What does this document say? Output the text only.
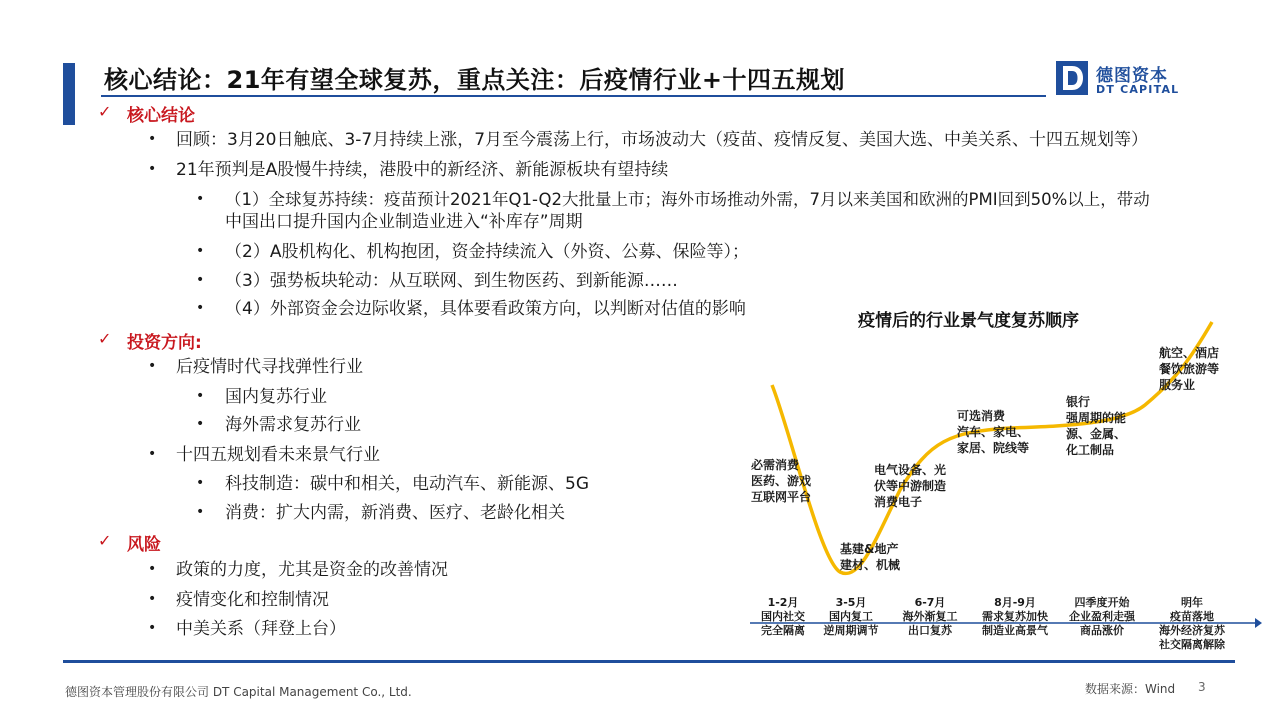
核心结论：21年有望全球复苏，重点关注：后疫情行业+十四五规划	德图资本
DT CAPITAL
✓ 核心结论
• 回顾：3月20日触底、3-7月持续上涨，7月至今震荡上行，市场波动大（疫苗、疫情反复、美国大选、中美关系、十四五规划等）
• 21年预判是A股慢牛持续，港股中的新经济、新能源板块有望持续
• （1）全球复苏持续：疫苗预计2021年Q1-Q2大批量上市；海外市场推动外需，7月以来美国和欧洲的PMI回到50%以上，带动
中国出口提升国内企业制造业进入“补库存”周期
• （2）A股机构化、机构抱团，资金持续流入（外资、公募、保险等）；
• （3）强势板块轮动：从互联网、到生物医药、到新能源……
• （4）外部资金会边际收紧，具体要看政策方向，以判断对估值的影响
✓ 投资方向:
• 后疫情时代寻找弹性行业
• 国内复苏行业
• 海外需求复苏行业
• 十四五规划看未来景气行业
• 科技制造：碳中和相关，电动汽车、新能源、5G
• 消费：扩大内需，新消费、医疗、老龄化相关
✓ 风险
• 政策的力度，尤其是资金的改善情况
• 疫情变化和控制情况
• 中美关系（拜登上台）
疫情后的行业景气度复苏顺序
必需消费
医药、游戏
互联网平台
基建&地产
建材、机械
电气设备、光
伏等中游制造
消费电子
可选消费
汽车、家电、
家居、院线等
银行
强周期的能
源、金属、
化工制品
航空、酒店
餐饮旅游等
服务业
1-2月
国内社交
完全隔离
3-5月
国内复工
逆周期调节
6-7月
海外渐复工
出口复苏
8月-9月
需求复苏加快
制造业高景气
四季度开始
企业盈利走强
商品涨价
明年
疫苗落地
海外经济复苏
社交隔离解除
德图资本管理股份有限公司 DT Capital Management Co., Ltd.	数据来源：Wind 3
